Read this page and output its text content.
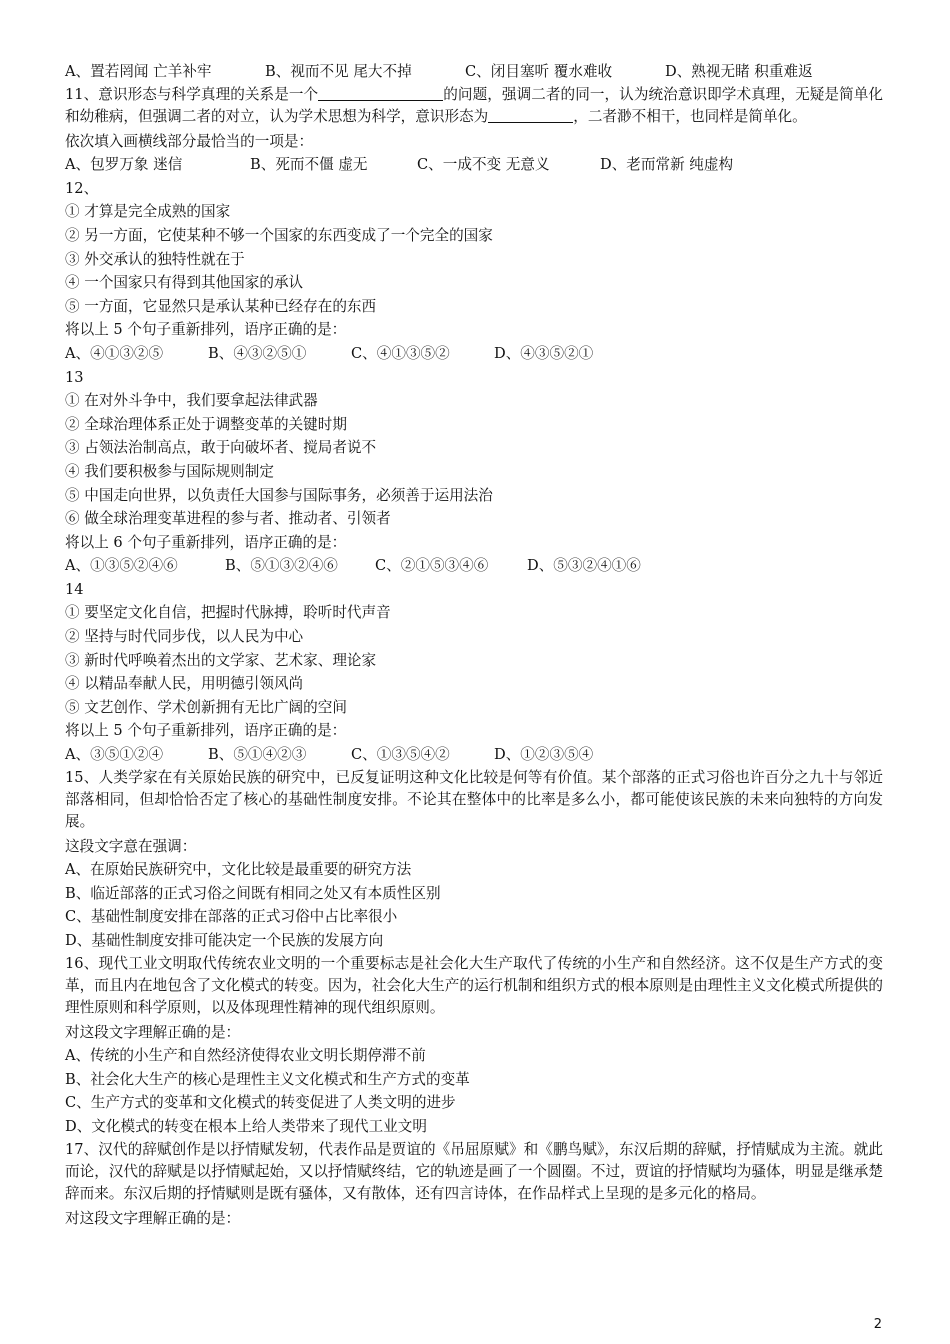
A、置若罔闻 亡羊补牢	B、视而不见 尾大不掉	C、闭目塞听 覆水难收	D、熟视无睹 积重难返

11、意识形态与科学真理的关系是一个	的问题，强调二者的同一，认为统治意识即学术真理，无疑是简单化和幼稚病，但强调二者的对立，认为学术思想为科学，意识形态为	，二者渺不相干，也同样是简单化。

依次填入画横线部分最恰当的一项是：
A、包罗万象 迷信	B、死而不僵 虚无	C、一成不变 无意义	D、老而常新 纯虚构
12、
① 才算是完全成熟的国家
② 另一方面，它使某种不够一个国家的东西变成了一个完全的国家
③ 外交承认的独特性就在于
④ 一个国家只有得到其他国家的承认
⑤ 一方面，它显然只是承认某种已经存在的东西
将以上 5 个句子重新排列，语序正确的是：
A、④①③②⑤	B、④③②⑤①	C、④①③⑤②	D、④③⑤②①
13
① 在对外斗争中，我们要拿起法律武器
② 全球治理体系正处于调整变革的关键时期
③ 占领法治制高点，敢于向破坏者、搅局者说不
④ 我们要积极参与国际规则制定
⑤ 中国走向世界，以负责任大国参与国际事务，必须善于运用法治
⑥ 做全球治理变革进程的参与者、推动者、引领者
将以上 6 个句子重新排列，语序正确的是：
A、①③⑤②④⑥	B、⑤①③②④⑥	C、②①⑤③④⑥	D、⑤③②④①⑥
14
① 要坚定文化自信，把握时代脉搏，聆听时代声音
② 坚持与时代同步伐，以人民为中心
③ 新时代呼唤着杰出的文学家、艺术家、理论家
④ 以精品奉献人民，用明德引领风尚
⑤ 文艺创作、学术创新拥有无比广阔的空间
将以上 5 个句子重新排列，语序正确的是：
A、③⑤①②④	B、⑤①④②③	C、①③⑤④②	D、①②③⑤④

15、人类学家在有关原始民族的研究中，已反复证明这种文化比较是何等有价值。某个部落的正式习俗也许百分之九十与邻近部落相同，但却恰恰否定了核心的基础性制度安排。不论其在整体中的比率是多么小，都可能使该民族的未来向独特的方向发展。

这段文字意在强调：
A、在原始民族研究中，文化比较是最重要的研究方法
B、临近部落的正式习俗之间既有相同之处又有本质性区别
C、基础性制度安排在部落的正式习俗中占比率很小
D、基础性制度安排可能决定一个民族的发展方向

16、现代工业文明取代传统农业文明的一个重要标志是社会化大生产取代了传统的小生产和自然经济。这不仅是生产方式的变革，而且内在地包含了文化模式的转变。因为，社会化大生产的运行机制和组织方式的根本原则是由理性主义文化模式所提供的理性原则和科学原则，以及体现理性精神的现代组织原则。

对这段文字理解正确的是：
A、传统的小生产和自然经济使得农业文明长期停滞不前
B、社会化大生产的核心是理性主义文化模式和生产方式的变革
C、生产方式的变革和文化模式的转变促进了人类文明的进步
D、文化模式的转变在根本上给人类带来了现代工业文明

17、汉代的辞赋创作是以抒情赋发轫，代表作品是贾谊的《吊屈原赋》和《鹏鸟赋》，东汉后期的辞赋，抒情赋成为主流。就此而论，汉代的辞赋是以抒情赋起始，又以抒情赋终结，它的轨迹是画了一个圆圈。不过，贾谊的抒情赋均为骚体，明显是继承楚辞而来。东汉后期的抒情赋则是既有骚体，又有散体，还有四言诗体，在作品样式上呈现的是多元化的格局。

对这段文字理解正确的是：
2
